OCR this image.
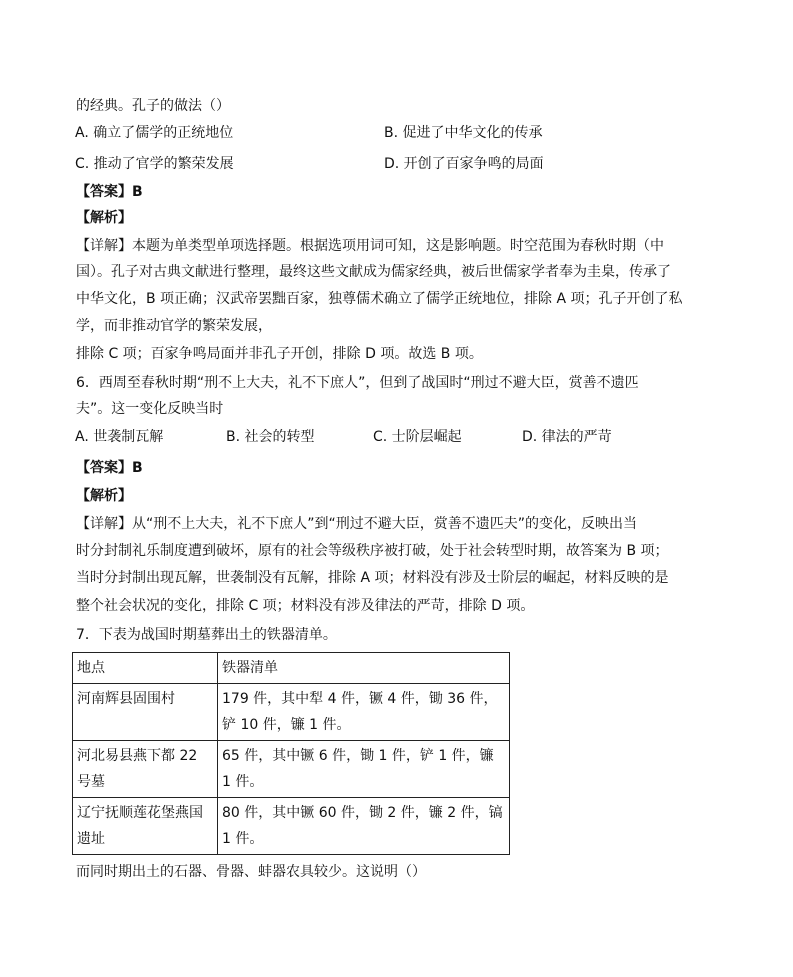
的经典。孔子的做法（）
A. 确立了儒学的正统地位	B. 促进了中华文化的传承
C. 推动了官学的繁荣发展	D. 开创了百家争鸣的局面
【答案】B
【解析】
【详解】本题为单类型单项选择题。根据选项用词可知，这是影响题。时空范围为春秋时期（中
国）。孔子对古典文献进行整理，最终这些文献成为儒家经典，被后世儒家学者奉为圭臬，传承了
中华文化，B 项正确；汉武帝罢黜百家，独尊儒术确立了儒学正统地位，排除 A 项；孔子开创了私
学，而非推动官学的繁荣发展，
排除 C 项；百家争鸣局面并非孔子开创，排除 D 项。故选 B 项。
6．西周至春秋时期“刑不上大夫，礼不下庶人”，但到了战国时“刑过不避大臣，赏善不遗匹
夫”。这一变化反映当时
A. 世袭制瓦解	B. 社会的转型	C. 士阶层崛起	D. 律法的严苛
【答案】B
【解析】
【详解】从“刑不上大夫，礼不下庶人”到“刑过不避大臣，赏善不遗匹夫”的变化，反映出当
时分封制礼乐制度遭到破坏，原有的社会等级秩序被打破，处于社会转型时期，故答案为 B 项；
当时分封制出现瓦解，世袭制没有瓦解，排除 A 项；材料没有涉及士阶层的崛起，材料反映的是
整个社会状况的变化，排除 C 项；材料没有涉及律法的严苛，排除 D 项。
7．下表为战国时期墓葬出土的铁器清单。
地点	铁器清单
河南辉县固围村	179 件，其中犁 4 件，镢 4 件，锄 36 件，铲 10 件，镰 1 件。
河北易县燕下都 22 号墓	65 件，其中镢 6 件，锄 1 件，铲 1 件，镰 1 件。
辽宁抚顺莲花堡燕国遗址	80 件，其中镢 60 件，锄 2 件，镰 2 件，镐 1 件。
而同时期出土的石器、骨器、蚌器农具较少。这说明（）
